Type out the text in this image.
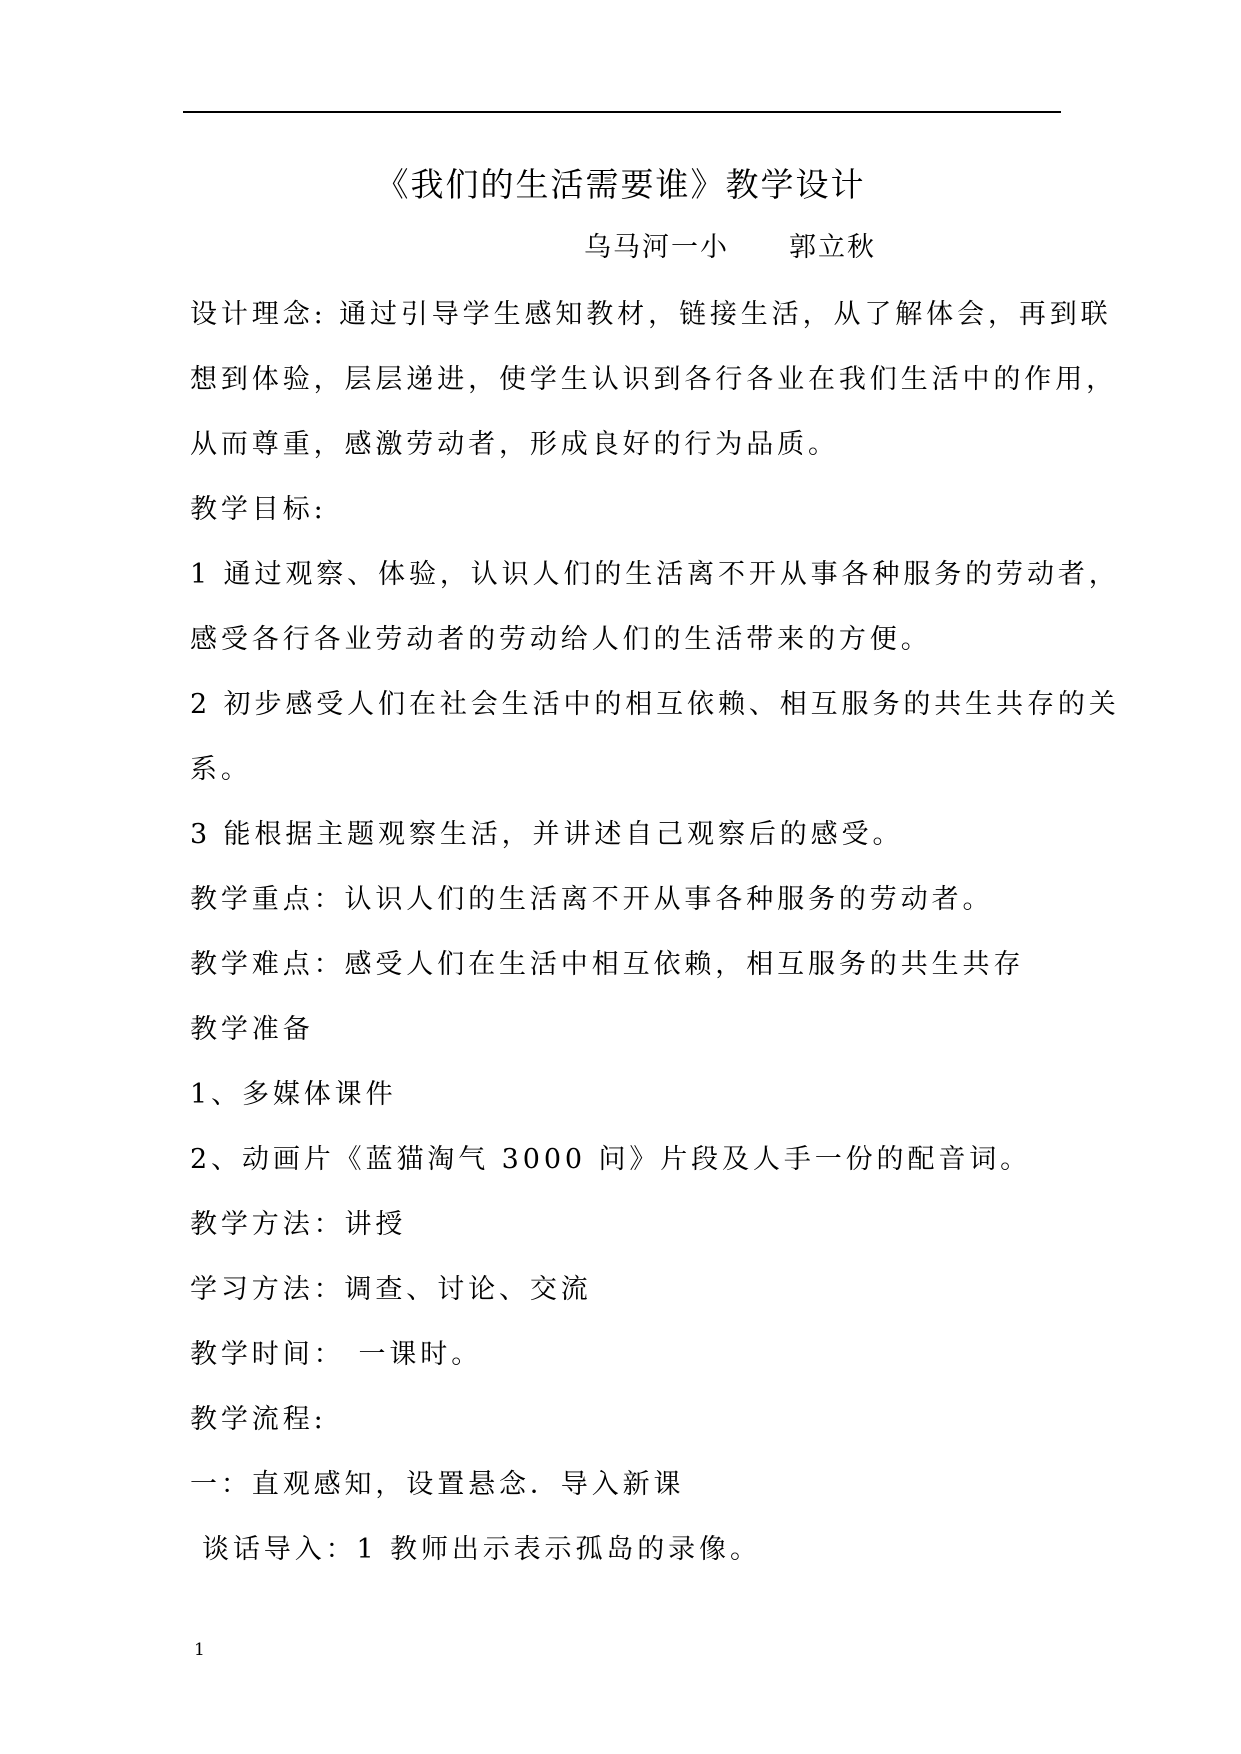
《我们的生活需要谁》教学设计
乌马河一小 郭立秋
设计理念: 通过引导学生感知教材，链接生活，从了解体会，再到联
想到体验，层层递进，使学生认识到各行各业在我们生活中的作用，
从而尊重，感激劳动者，形成良好的行为品质。
教学目标:
1 通过观察、体验，认识人们的生活离不开从事各种服务的劳动者，
感受各行各业劳动者的劳动给人们的生活带来的方便。
2 初步感受人们在社会生活中的相互依赖、相互服务的共生共存的关
系。
3 能根据主题观察生活，并讲述自己观察后的感受。
教学重点：认识人们的生活离不开从事各种服务的劳动者。
教学难点：感受人们在生活中相互依赖，相互服务的共生共存
教学准备
1、多媒体课件
2、动画片《蓝猫淘气 3000 问》片段及人手一份的配音词。
教学方法：讲授
学习方法：调查、讨论、交流
教学时间： 一课时。
教学流程:
一：直观感知，设置悬念．导入新课
谈话导入：1 教师出示表示孤岛的录像。
1
